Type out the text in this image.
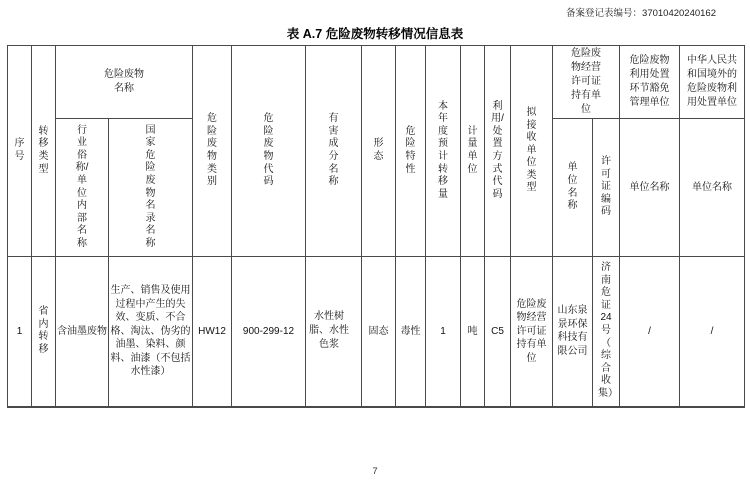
备案登记表编号：37010420240162
表 A.7 危险废物转移情况信息表
序号	转移类型	危险废物名称		危险废物类别	危险废物代码	有害成分名称	形态	危险特性	本年度预计转移量	计量单位	利用/处置方式代码	拟接收单位类型	危险废物经营许可证持有单位		危险废物利用处置环节豁免管理单位	中华人民共和国境外的危险废物利用处置单位

		行业俗称/单位内部名称	国家危险废物名录名称										单位名称	许可证编码	单位名称	单位名称
1	省内转移	含油墨废物	生产、销售及使用过程中产生的失效、变质、不合格、淘汰、伪劣的油墨、染料、颜料、油漆（不包括水性漆）	HW12	900-299-12	水性树脂、水性色浆	固态	毒性	1	吨	C5	危险废物经营许可证持有单位	山东泉景环保科技有限公司	济南危证24号（综合收集）	/	/
7
